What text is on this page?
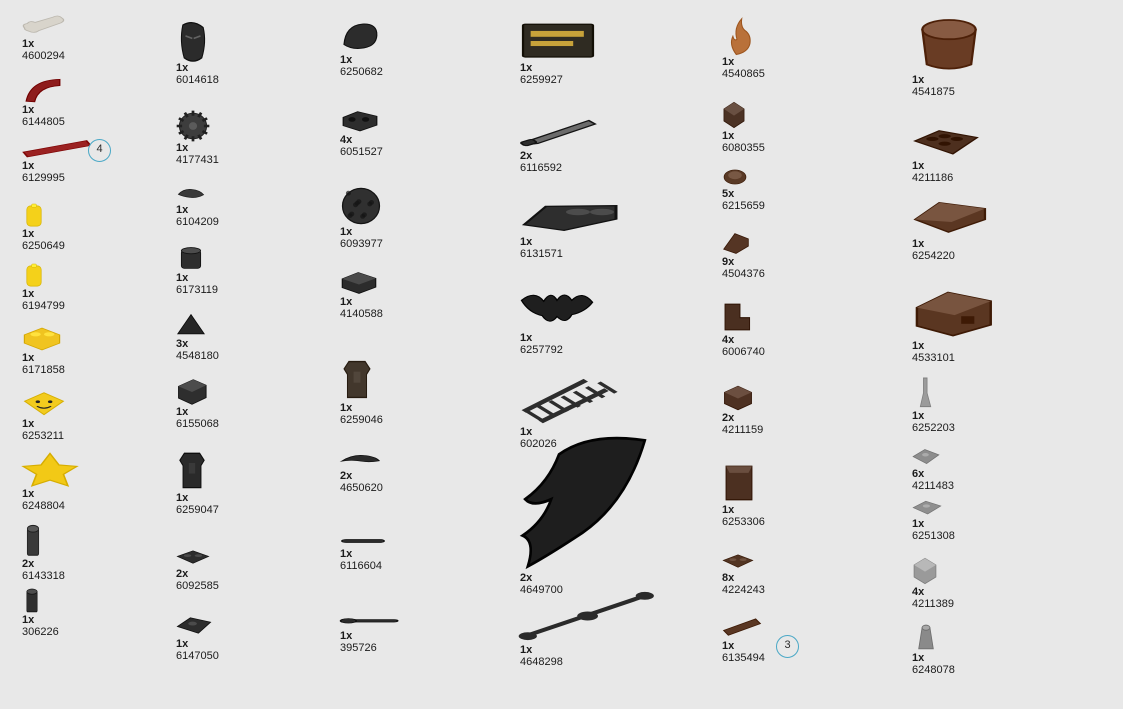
1x
4600294
1x
6144805
1x
6129995
1x
6250649
1x
6194799
1x
6171858
1x
6253211
1x
6248804
2x
6143318
1x
306226
1x
6014618
1x
4177431
1x
6104209
1x
6173119
3x
4548180
1x
6155068
1x
6259047
2x
6092585
1x
6147050
1x
6250682
4x
6051527
1x
6093977
1x
4140588
1x
6259046
2x
4650620
1x
6116604
1x
395726
1x
6259927
2x
6116592
1x
6131571
1x
6257792
1x
602026
2x
4649700
1x
4648298
1x
4540865
1x
6080355
5x
6215659
9x
4504376
4x
6006740
2x
4211159
1x
6253306
8x
4224243
1x
6135494
1x
4541875
1x
4211186
1x
6254220
1x
4533101
1x
6252203
6x
4211483
1x
6251308
4x
4211389
1x
6248078
4
3
